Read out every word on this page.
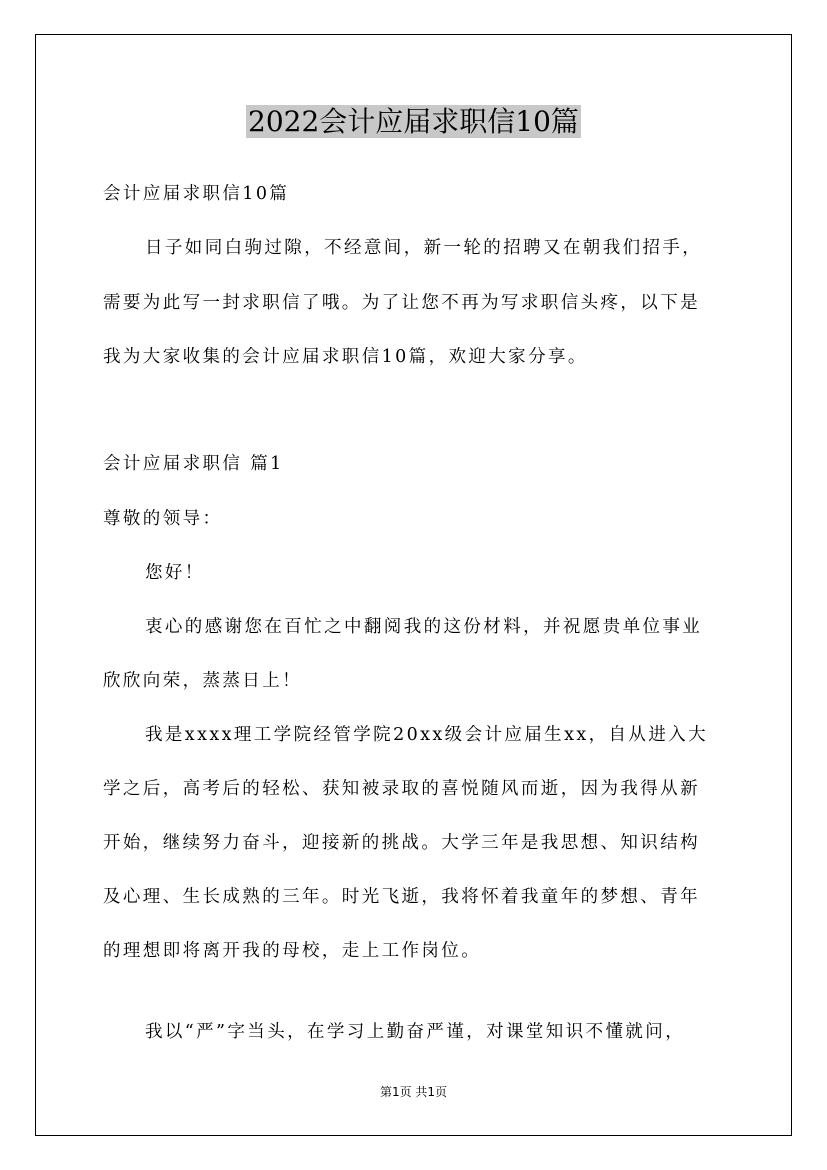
2022会计应届求职信10篇

会计应届求职信10篇

日子如同白驹过隙，不经意间，新一轮的招聘又在朝我们招手，

需要为此写一封求职信了哦。为了让您不再为写求职信头疼，以下是

我为大家收集的会计应届求职信10篇，欢迎大家分享。

会计应届求职信 篇1

尊敬的领导：

您好！

衷心的感谢您在百忙之中翻阅我的这份材料，并祝愿贵单位事业

欣欣向荣，蒸蒸日上！

我是xxxx理工学院经管学院20xx级会计应届生xx，自从进入大

学之后，高考后的轻松、获知被录取的喜悦随风而逝，因为我得从新

开始，继续努力奋斗，迎接新的挑战。大学三年是我思想、知识结构

及心理、生长成熟的三年。时光飞逝，我将怀着我童年的梦想、青年

的理想即将离开我的母校，走上工作岗位。

我以“严”字当头，在学习上勤奋严谨，对课堂知识不懂就问，

第1页 共1页
